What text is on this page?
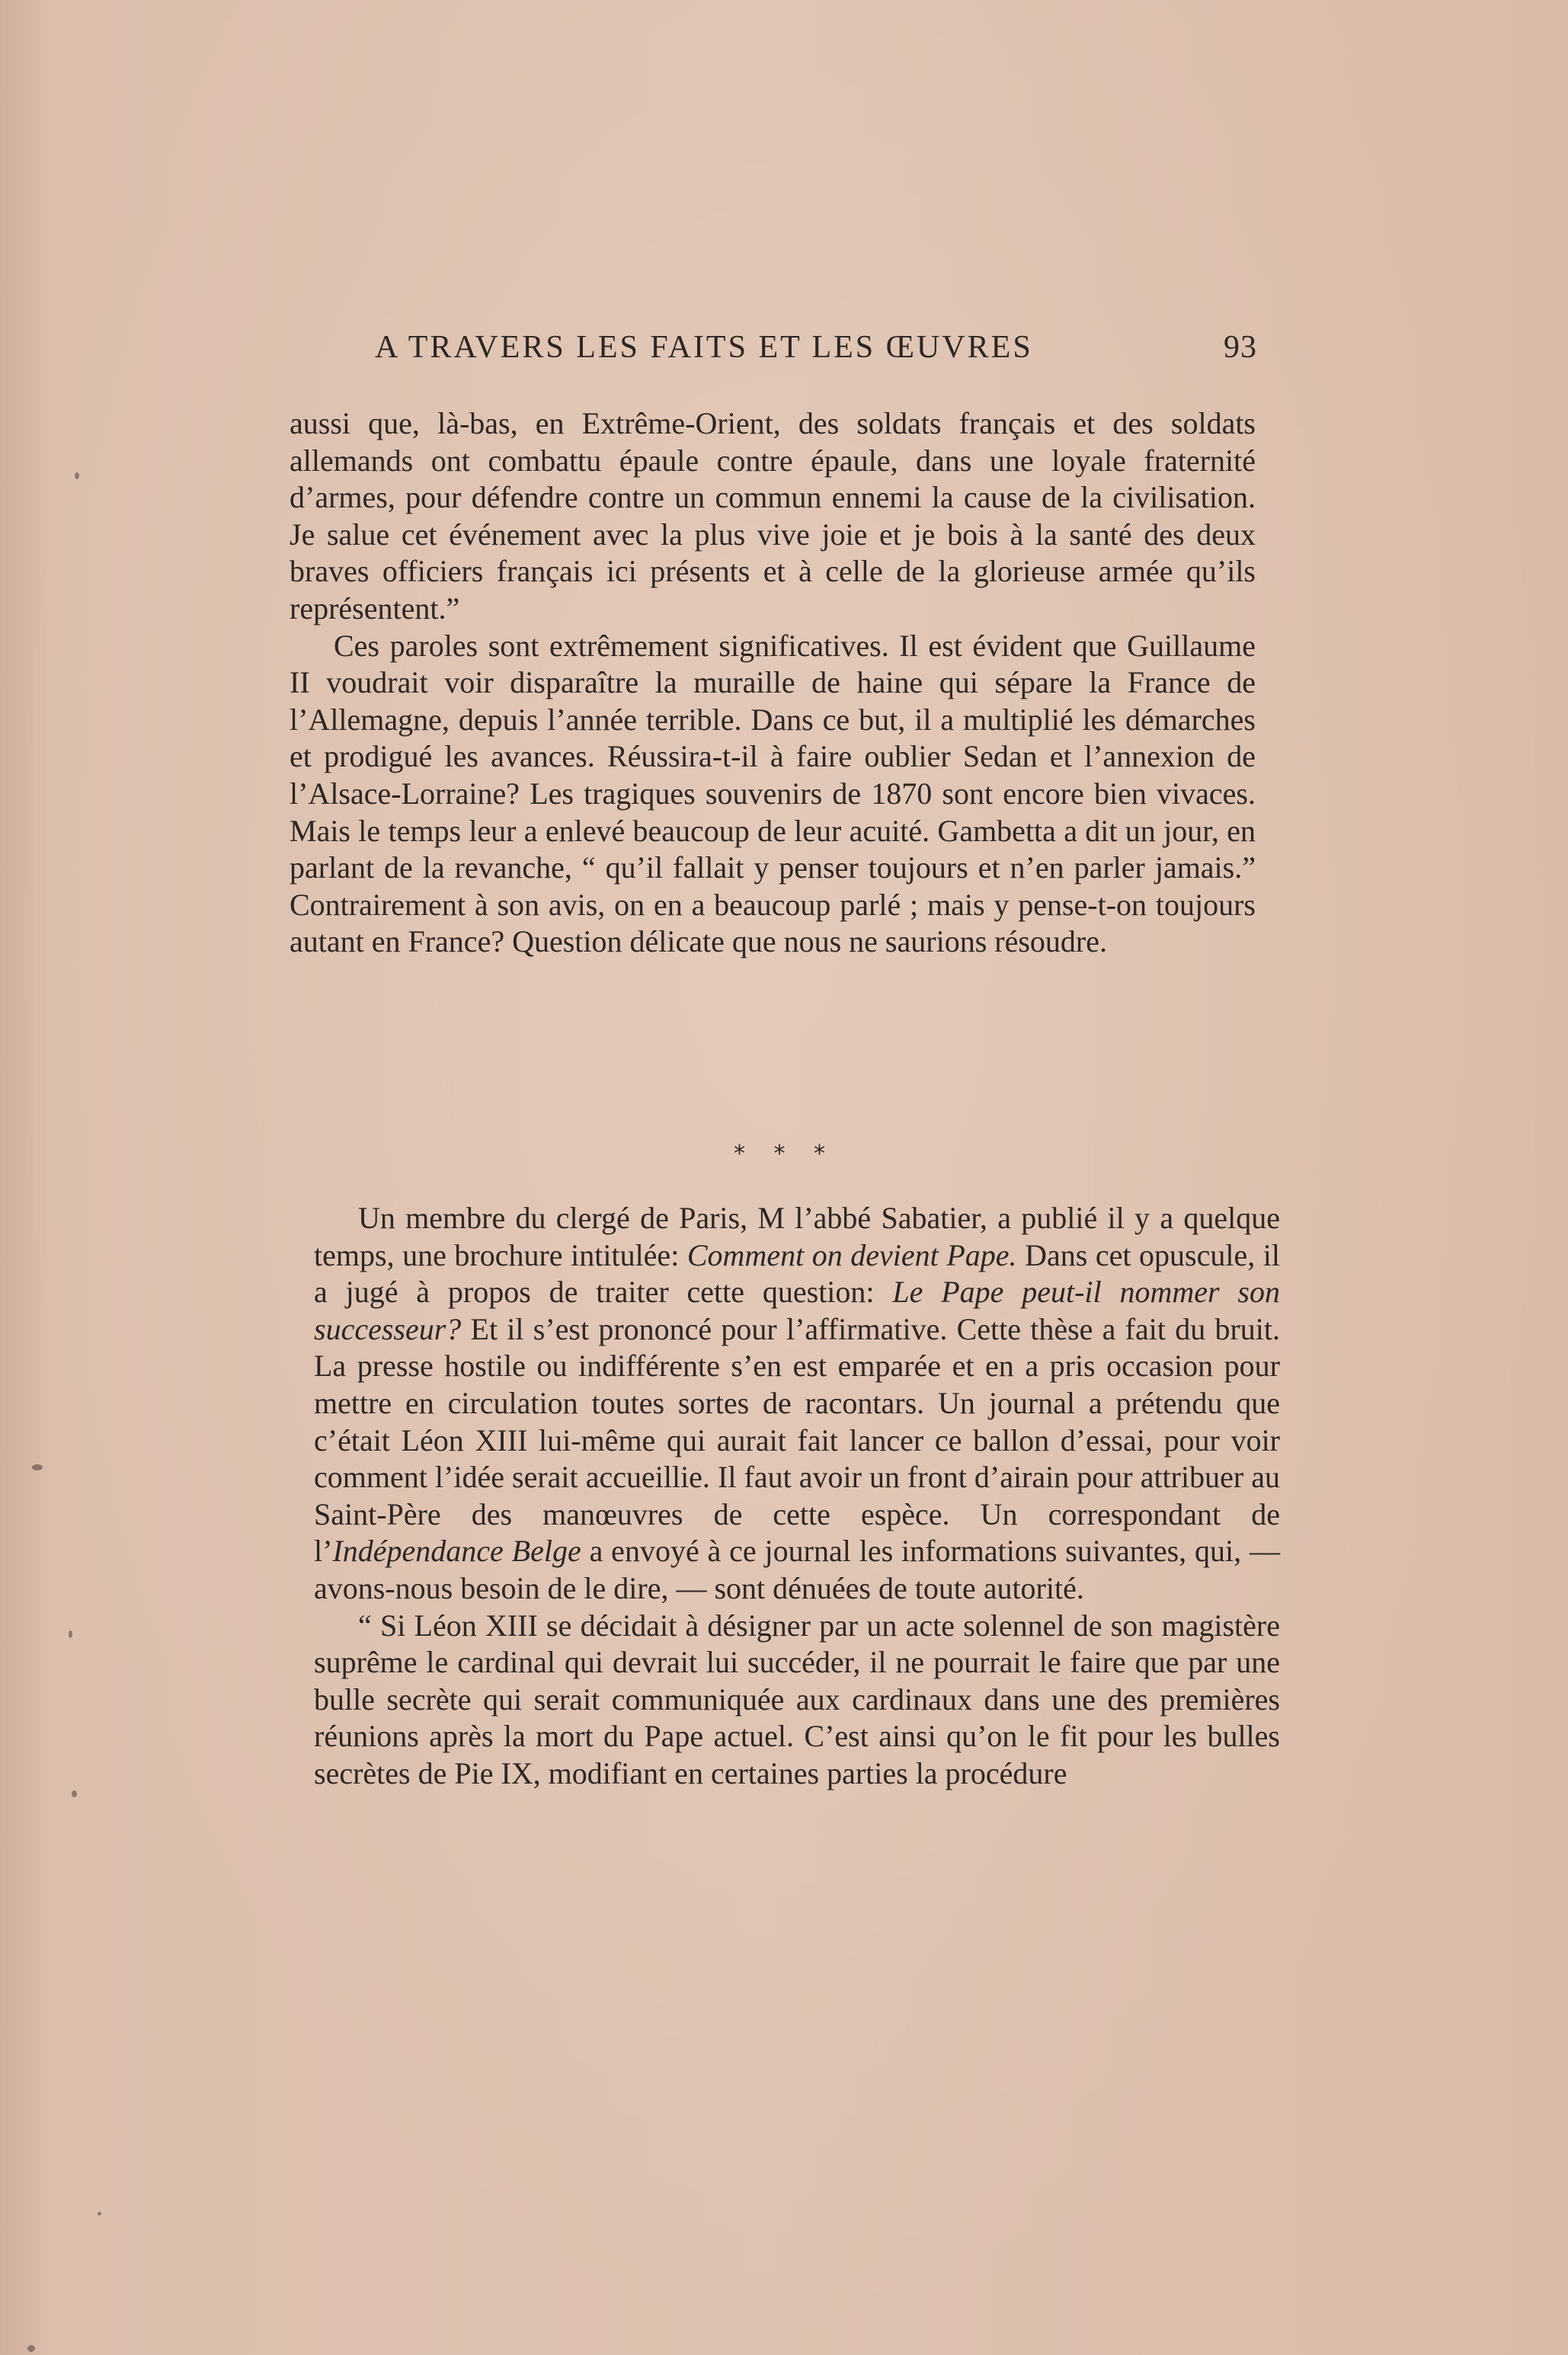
A TRAVERS LES FAITS ET LES ŒUVRES	93

aussi que, là-bas, en Extrême-Orient, des soldats français et des soldats allemands ont combattu épaule contre épaule, dans une loyale fraternité d’armes, pour défendre contre un commun ennemi la cause de la civilisation. Je salue cet événement avec la plus vive joie et je bois à la santé des deux braves officiers français ici présents et à celle de la glorieuse armée qu’ils représentent.”

Ces paroles sont extrêmement significatives. Il est évident que Guillaume II voudrait voir disparaître la muraille de haine qui sépare la France de l’Allemagne, depuis l’année terrible. Dans ce but, il a multiplié les démarches et prodigué les avances. Réussira-t-il à faire oublier Sedan et l’annexion de l’Alsace-Lorraine? Les tragiques souvenirs de 1870 sont encore bien vivaces. Mais le temps leur a enlevé beaucoup de leur acuité. Gambetta a dit un jour, en parlant de la revanche, “ qu’il fallait y penser toujours et n’en parler jamais.” Contrairement à son avis, on en a beaucoup parlé ; mais y pense-t-on toujours autant en France? Question délicate que nous ne saurions résoudre.

* * *

Un membre du clergé de Paris, M l’abbé Sabatier, a publié il y a quelque temps, une brochure intitulée: Comment on devient Pape. Dans cet opuscule, il a jugé à propos de traiter cette question: Le Pape peut-il nommer son successeur? Et il s’est prononcé pour l’affirmative. Cette thèse a fait du bruit. La presse hostile ou indifférente s’en est emparée et en a pris occasion pour mettre en circulation toutes sortes de racontars. Un journal a prétendu que c’était Léon XIII lui-même qui aurait fait lancer ce ballon d’essai, pour voir comment l’idée serait accueillie. Il faut avoir un front d’airain pour attribuer au Saint-Père des manœuvres de cette espèce. Un correspondant de l’Indépendance Belge a envoyé à ce journal les informations suivantes, qui, — avons-nous besoin de le dire, — sont dénuées de toute autorité.

“ Si Léon XIII se décidait à désigner par un acte solennel de son magistère suprême le cardinal qui devrait lui succéder, il ne pourrait le faire que par une bulle secrète qui serait communiquée aux cardinaux dans une des premières réunions après la mort du Pape actuel. C’est ainsi qu’on le fit pour les bulles secrètes de Pie IX, modifiant en certaines parties la procédure
